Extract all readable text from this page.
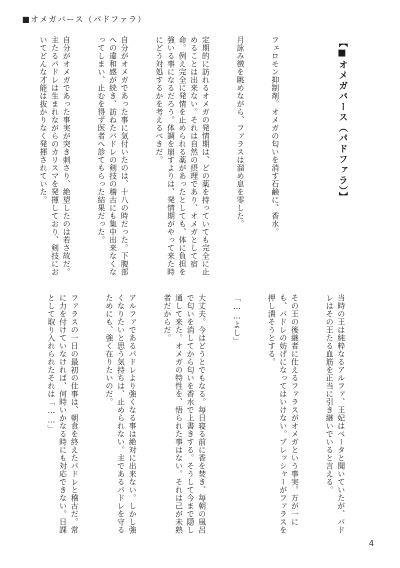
■オメガバース（パドファラ）

【■オメガバース（パドファラ）】

フェロモン抑制剤。オメガの匂いを消す石鹸に、香水。

月詠み徴を眺めながら、ファラスは溜め息を零した。

定期的に訪れるオメガの発情期は、どの薬を持っていても完全に止めることは出来ない。それは自然の摂理であり、オメガとして宿命。例え完全に発情を止められる薬があったとしても、体に負担を強いる事になるだろう。体調を崩すよりは、発情期がやって来た時にどう対処するかを考えるべきだ。

自分がオメガであった事に気付いたのは、十八の時だった。下腹部への違和感が続き、訪ねたパドレの剣技の稽古にも集中出来なくなってしまい、止むを得ず医者へ診てもらった結果だった。

自分がオメガであった事実が突き刺さり、絶望したのは若さ故だ。主たるパドレは生まれながらのカリスマを発揮しており、剣技においてどんな才能は抜かりなく発揮されていた。

当時の王は純粋なるアルファ、王妃はベータと聞いていたが、パドレはその王たる血筋を正当に引き継いでいると言える。

その王の後継者に仕えるファラスがオメガという事実。万が一にも、パドレの妨げになってはいけない。プレッシャーがファラスを押し潰そうとする。

「……よし」

大丈夫。今はどうとでもなる。毎日寝る前に香を焚き、毎朝の風呂で匂いを消してから匂いを香水で上書きする。そうして今まで隠し通して来た。オメガの特性を、悟られた事はない。それは己が未熟者だからだ。

アルファであるパドレより強くなる事は絶対に出来ない。しかし強くなりたいと思う気持ちは、止められない。主であるパドレを守るためにも、強く在りたいのだ。

ファラスの一日の最初の仕事は、朝食を終えたパドレと稽古だ。常に力を付けていなければ、何時いかなる時にも対応できない。日課として取り入れられたそれは「……」

4
